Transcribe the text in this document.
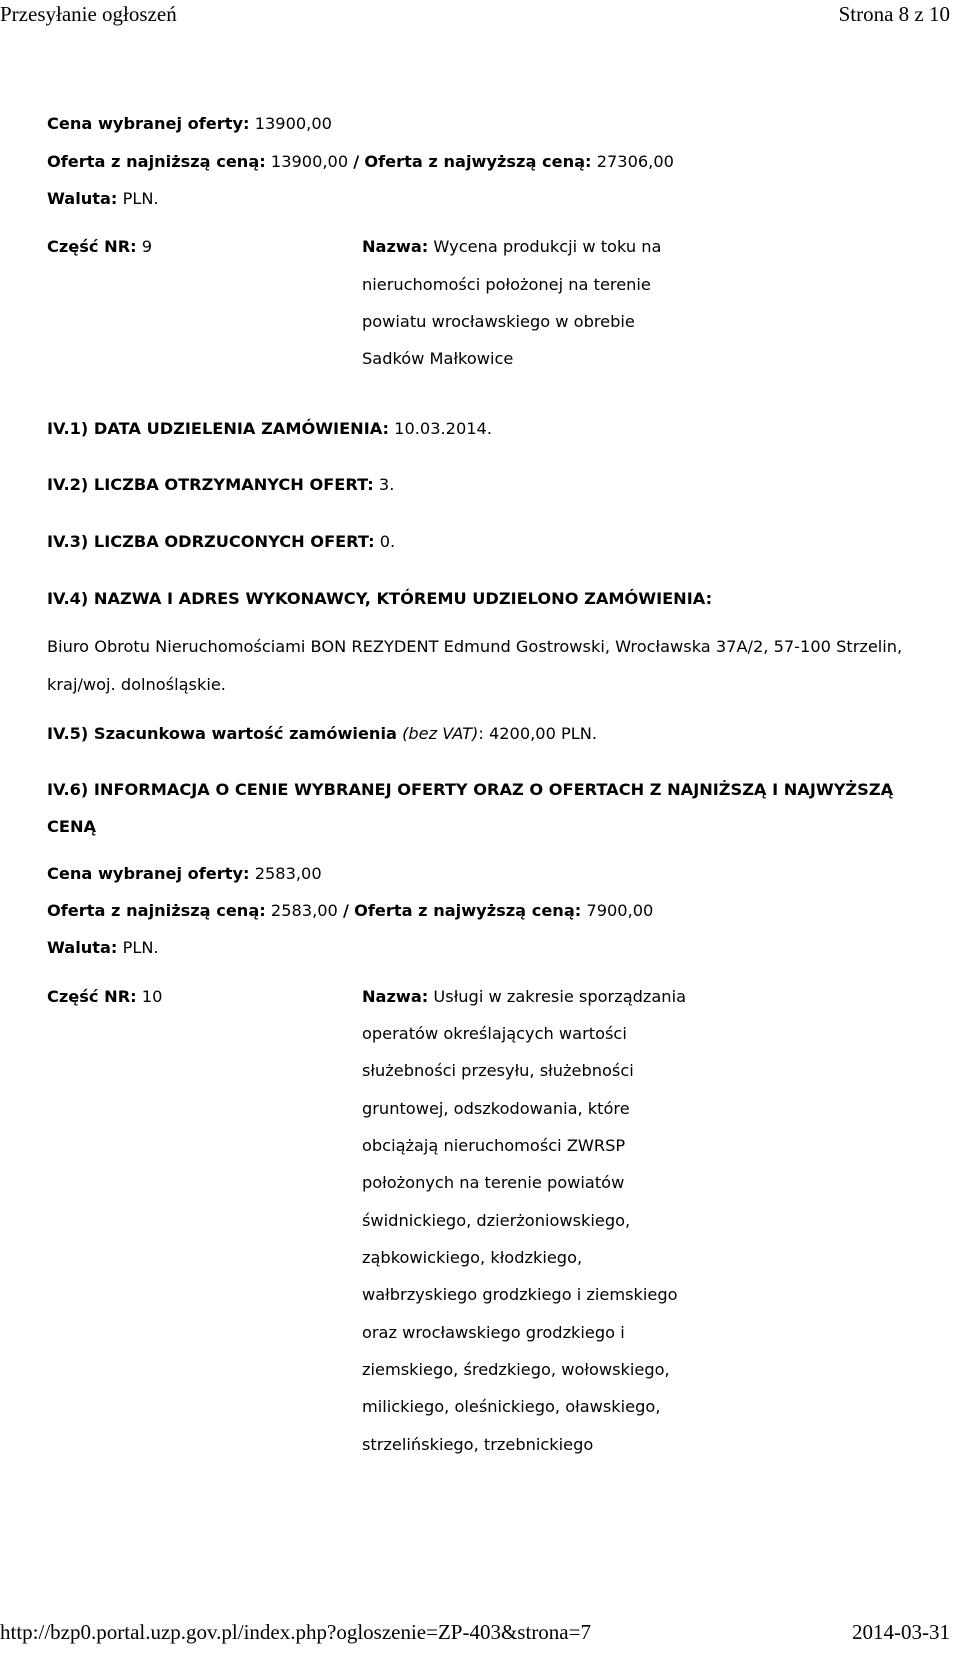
Przesyłanie ogłoszeń	Strona 8 z 10
Cena wybranej oferty: 13900,00
Oferta z najniższą ceną: 13900,00 / Oferta z najwyższą ceną: 27306,00
Waluta: PLN.
Część NR: 9	Nazwa: Wycena produkcji w toku na
nieruchomości położonej na terenie
powiatu wrocławskiego w obrebie
Sadków Małkowice
IV.1) DATA UDZIELENIA ZAMÓWIENIA: 10.03.2014.
IV.2) LICZBA OTRZYMANYCH OFERT: 3.
IV.3) LICZBA ODRZUCONYCH OFERT: 0.
IV.4) NAZWA I ADRES WYKONAWCY, KTÓREMU UDZIELONO ZAMÓWIENIA:
Biuro Obrotu Nieruchomościami BON REZYDENT Edmund Gostrowski, Wrocławska 37A/2, 57-100 Strzelin,
kraj/woj. dolnośląskie.
IV.5) Szacunkowa wartość zamówienia (bez VAT): 4200,00 PLN.
IV.6) INFORMACJA O CENIE WYBRANEJ OFERTY ORAZ O OFERTACH Z NAJNIŻSZĄ I NAJWYŻSZĄ
CENĄ
Cena wybranej oferty: 2583,00
Oferta z najniższą ceną: 2583,00 / Oferta z najwyższą ceną: 7900,00
Waluta: PLN.
Część NR: 10	Nazwa: Usługi w zakresie sporządzania
operatów określających wartości
służebności przesyłu, służebności
gruntowej, odszkodowania, które
obciążają nieruchomości ZWRSP
położonych na terenie powiatów
świdnickiego, dzierżoniowskiego,
ząbkowickiego, kłodzkiego,
wałbrzyskiego grodzkiego i ziemskiego
oraz wrocławskiego grodzkiego i
ziemskiego, średzkiego, wołowskiego,
milickiego, oleśnickiego, oławskiego,
strzelińskiego, trzebnickiego
http://bzp0.portal.uzp.gov.pl/index.php?ogloszenie=ZP-403&strona=7	2014-03-31
